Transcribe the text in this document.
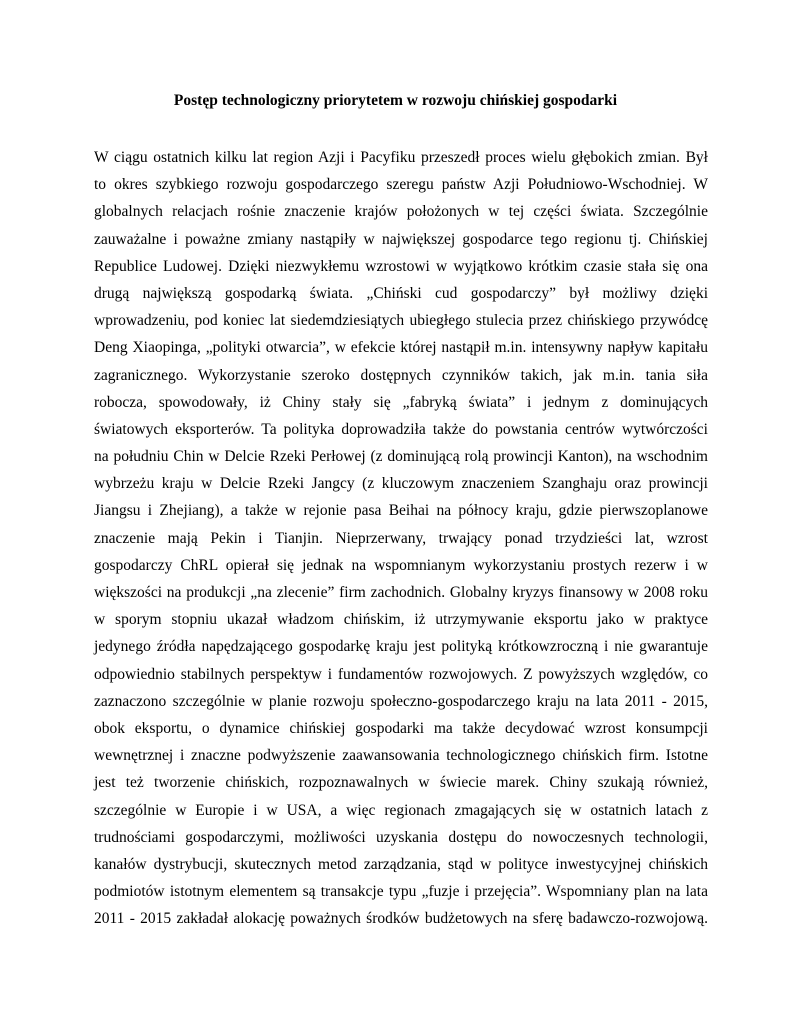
Postęp technologiczny priorytetem w rozwoju chińskiej gospodarki
W ciągu ostatnich kilku lat region Azji i Pacyfiku przeszedł proces wielu głębokich zmian. Był
to okres szybkiego rozwoju gospodarczego szeregu państw Azji Południowo-Wschodniej. W
globalnych relacjach rośnie znaczenie krajów położonych w tej części świata. Szczególnie
zauważalne i poważne zmiany nastąpiły w największej gospodarce tego regionu tj. Chińskiej
Republice Ludowej. Dzięki niezwykłemu wzrostowi w wyjątkowo krótkim czasie stała się ona
drugą największą gospodarką świata. „Chiński cud gospodarczy” był możliwy dzięki
wprowadzeniu, pod koniec lat siedemdziesiątych ubiegłego stulecia przez chińskiego przywódcę
Deng Xiaopinga, „polityki otwarcia”, w efekcie której nastąpił m.in. intensywny napływ kapitału
zagranicznego. Wykorzystanie szeroko dostępnych czynników takich, jak m.in. tania siła
robocza, spowodowały, iż Chiny stały się „fabryką świata” i jednym z dominujących
światowych eksporterów. Ta polityka doprowadziła także do powstania centrów wytwórczości
na południu Chin w Delcie Rzeki Perłowej (z dominującą rolą prowincji Kanton), na wschodnim
wybrzeżu kraju w Delcie Rzeki Jangcy (z kluczowym znaczeniem Szanghaju oraz prowincji
Jiangsu i Zhejiang), a także w rejonie pasa Beihai na północy kraju, gdzie pierwszoplanowe
znaczenie mają Pekin i Tianjin. Nieprzerwany, trwający ponad trzydzieści lat, wzrost
gospodarczy ChRL opierał się jednak na wspomnianym wykorzystaniu prostych rezerw i w
większości na produkcji „na zlecenie” firm zachodnich. Globalny kryzys finansowy w 2008 roku
w sporym stopniu ukazał władzom chińskim, iż utrzymywanie eksportu jako w praktyce
jedynego źródła napędzającego gospodarkę kraju jest polityką krótkowzroczną i nie gwarantuje
odpowiednio stabilnych perspektyw i fundamentów rozwojowych. Z powyższych względów, co
zaznaczono szczególnie w planie rozwoju społeczno-gospodarczego kraju na lata 2011 - 2015,
obok eksportu, o dynamice chińskiej gospodarki ma także decydować wzrost konsumpcji
wewnętrznej i znaczne podwyższenie zaawansowania technologicznego chińskich firm. Istotne
jest też tworzenie chińskich, rozpoznawalnych w świecie marek. Chiny szukają również,
szczególnie w Europie i w USA, a więc regionach zmagających się w ostatnich latach z
trudnościami gospodarczymi, możliwości uzyskania dostępu do nowoczesnych technologii,
kanałów dystrybucji, skutecznych metod zarządzania, stąd w polityce inwestycyjnej chińskich
podmiotów istotnym elementem są transakcje typu „fuzje i przejęcia”. Wspomniany plan na lata
2011 - 2015 zakładał alokację poważnych środków budżetowych na sferę badawczo-rozwojową.
